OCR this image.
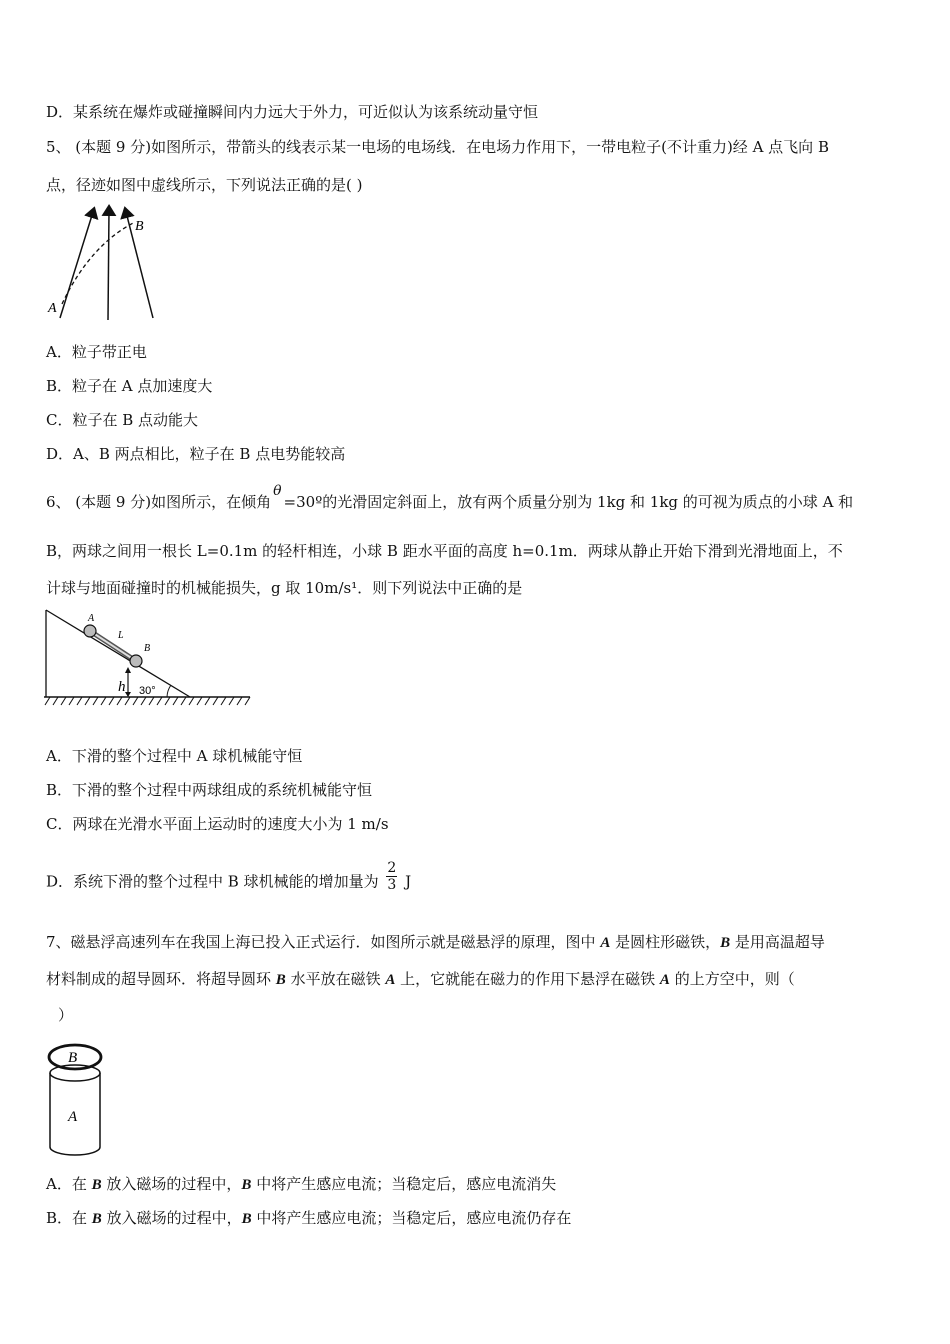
D．某系统在爆炸或碰撞瞬间内力远大于外力，可近似认为该系统动量守恒
5、 (本题 9 分)如图所示，带箭头的线表示某一电场的电场线．在电场力作用下，一带电粒子(不计重力)经 A 点飞向 B
点，径迹如图中虚线所示，下列说法正确的是( )
A
B
A．粒子带正电
B．粒子在 A 点加速度大
C．粒子在 B 点动能大
D．A、B 两点相比，粒子在 B 点电势能较高
6、 (本题 9 分)如图所示，在倾角θ=30º的光滑固定斜面上，放有两个质量分别为 1kg 和 1kg 的可视为质点的小球 A 和
B，两球之间用一根长 L=0.1m 的轻杆相连，小球 B 距水平面的高度 h=0.1m．两球从静止开始下滑到光滑地面上，不
计球与地面碰撞时的机械能损失，g 取 10m/s¹．则下列说法中正确的是
A
L
B
h 30°
A．下滑的整个过程中 A 球机械能守恒
B．下滑的整个过程中两球组成的系统机械能守恒
C．两球在光滑水平面上运动时的速度大小为 1 m/s
D．系统下滑的整个过程中 B 球机械能的增加量为 $\frac{2}{3}$ J
7、磁悬浮高速列车在我国上海已投入正式运行．如图所示就是磁悬浮的原理，图中 A 是圆柱形磁铁，B 是用高温超导
材料制成的超导圆环．将超导圆环 B 水平放在磁铁 A 上，它就能在磁力的作用下悬浮在磁铁 A 的上方空中，则（
）
B
A
A．在 B 放入磁场的过程中，B 中将产生感应电流；当稳定后，感应电流消失
B．在 B 放入磁场的过程中，B 中将产生感应电流；当稳定后，感应电流仍存在
